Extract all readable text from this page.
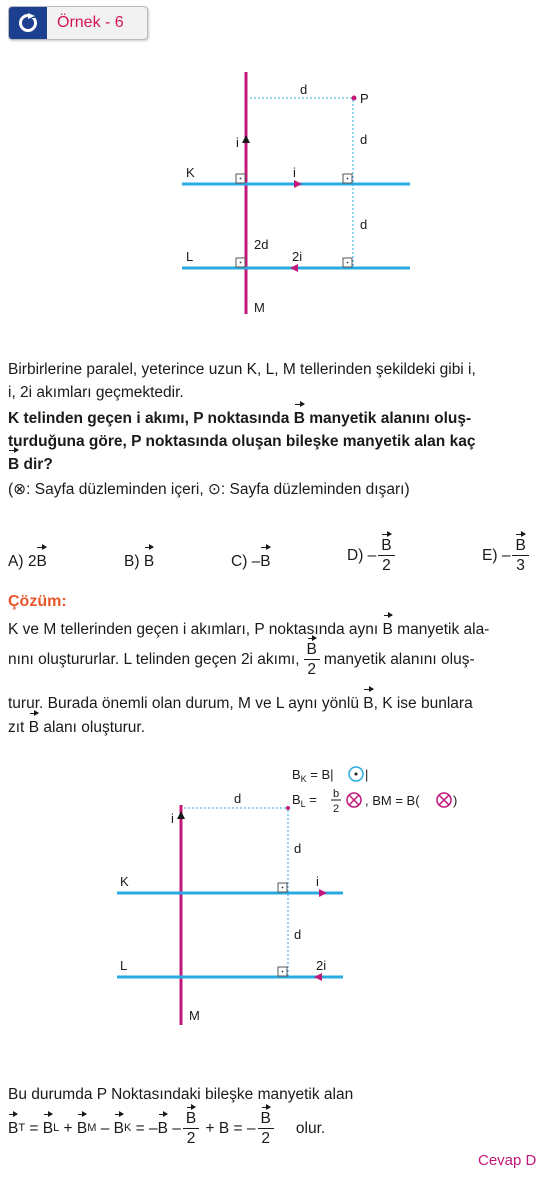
Örnek - 6
d
P
i	d
K	i
d
2d
L	2i
M
Birbirlerine paralel, yeterince uzun K, L, M tellerinden şekildeki gibi i,
i, 2i akımları geçmektedir.
K telinden geçen i akımı, P noktasında B manyetik alanını oluş-
turduğuna göre, P noktasında oluşan bileşke manyetik alan kaç
B dir?
(⊗: Sayfa düzleminden içeri, ⊙: Sayfa düzleminden dışarı)
A) 2B	B) B	C) –B	D)
– $\frac{B}{2}$	E)
– $\frac{B}{3}$
Çözüm:
K ve M tellerinden geçen i akımları, P noktasında aynı B manyetik ala-
nını oluştururlar. L telinden geçen 2i akımı, $\frac{B}{2}$ manyetik alanını oluş-
turur. Burada önemli olan durum, M ve L aynı yönlü B, K ise bunlara
zıt B alanı oluşturur.
$B_K = B|$ |
$B_L = b$
2
, BM = B(	)
d
i
d
K	i
d
L	2i
M
Bu durumda P Noktasındaki bileşke manyetik alan
B T = B L + B M – B K = – $B - \frac{B}{2} + B$ = – $\frac{B}{2}$ olur.
Cevap D
